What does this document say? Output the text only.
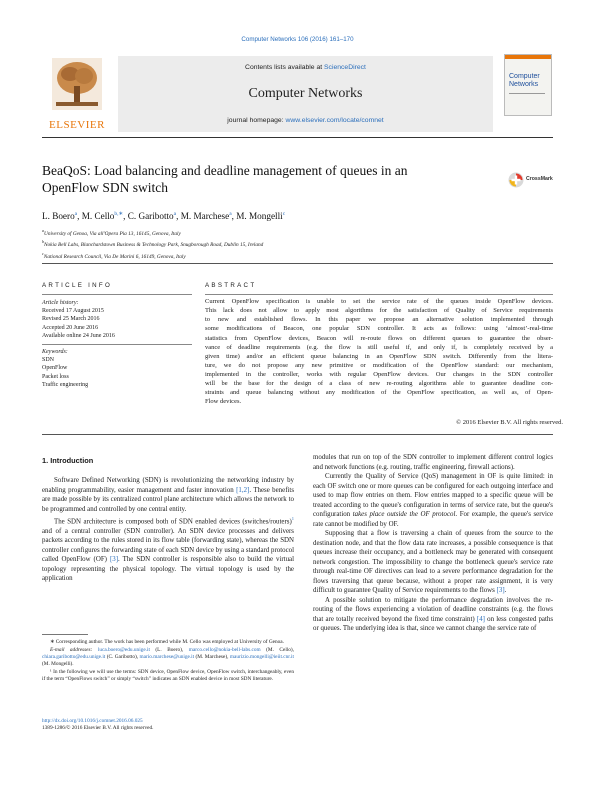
Computer Networks 106 (2016) 161–170
ELSEVIER
Contents lists available at ScienceDirect
Computer Networks
journal homepage: www.elsevier.com/locate/comnet
Computer
Networks
BeaQoS: Load balancing and deadline management of queues in an
OpenFlow SDN switch
CrossMark
L. Boero$^a$, M. Cello$^{b,∗}$, C. Garibotto$^a$, M. Marchese$^a$, M. Mongelli$^c$
$^a$University of Genoa, Via all'Opera Pia 13, 16145, Genova, Italy
$^b$Nokia Bell Labs, Blanchardstown Business & Technology Park, Snugborough Road, Dublin 15, Ireland
$^c$National Research Council, Via De Marini 6, 16149, Genova, Italy
ARTICLE INFO
Article history:
Received 17 August 2015
Revised 25 March 2016
Accepted 20 June 2016
Available online 24 June 2016
Keywords:
SDN
OpenFlow
Packet loss
Traffic engineering
ABSTRACT
Current OpenFlow specification is unable to set the service rate of the queues inside OpenFlow devices.
This lack does not allow to apply most algorithms for the satisfaction of Quality of Service requirements
to new and established flows. In this paper we propose an alternative solution implemented through
some modifications of Beacon, one popular SDN controller. It acts as follows: using ‘almost’-real-time
statistics from OpenFlow devices, Beacon will re-route flows on different queues to guarantee the obser-
vance of deadline requirements (e.g. the flow is still useful if, and only if, is completely received by a
given time) and/or an efficient queue balancing in an OpenFlow SDN switch. Differently from the litera-
ture, we do not propose any new primitive or modification of the OpenFlow standard: our mechanism,
implemented in the controller, works with regular OpenFlow devices. Our changes in the SDN controller
will be the base for the design of a class of new re-routing algorithms able to guarantee deadline con-
straints and queue balancing without any modification of the OpenFlow specification, as well as, of Open-
Flow devices.
© 2016 Elsevier B.V. All rights reserved.
1. Introduction

Software Defined Networking (SDN) is revolutionizing the networking industry by enabling programmability, easier management and faster innovation [1,2]. These benefits are made possible by its centralized control plane architecture which allows the network to be programmed and controlled by one central entity.

The SDN architecture is composed both of SDN enabled devices (switches/routers)$^1$ and of a central controller (SDN controller). An SDN device processes and delivers packets according to the rules stored in its flow table (forwarding state), whereas the SDN controller configures the forwarding state of each SDN device by using a standard protocol called OpenFlow (OF) [3]. The SDN controller is responsible also to build the virtual topology representing the physical topology. The virtual topology is used by the application

∗ Corresponding author. The work has been performed while M. Cello was employed at University of Genoa.
E-mail addresses: luca.boero@edu.unige.it (L. Boero), marco.cello@nokia-bell-labs.com (M. Cello), chiara.garibotto@edu.unige.it (C. Garibotto), mario.marchese@unige.it (M. Marchese), maurizio.mongelli@ieiit.cnr.it (M. Mongelli).
¹ In the following we will use the terms: SDN device, OpenFlow device, OpenFlow switch, interchangeably, even if the term “OpenFlows switch” or simply “switch” indicates an SDN enabled device in most SDN literature.
http://dx.doi.org/10.1016/j.comnet.2016.06.025
1389-1286/© 2016 Elsevier B.V. All rights reserved.

modules that run on top of the SDN controller to implement different control logics and network functions (e.g. routing, traffic engineering, firewall actions).

Currently the Quality of Service (QoS) management in OF is quite limited: in each OF switch one or more queues can be configured for each outgoing interface and used to map flow entries on them. Flow entries mapped to a specific queue will be treated according to the queue's configuration in terms of service rate, but the queue's configuration takes place outside the OF protocol. For example, the queue's service rate cannot be modified by OF.

Supposing that a flow is traversing a chain of queues from the source to the destination node, and that the flow data rate increases, a possible consequence is that queues increase their occupancy, and a bottleneck may be generated with consequent network congestion. The impossibility to change the bottleneck queue's service rate through real-time OF directives can lead to a severe performance degradation for the flows traversing that queue because, without a proper rate assignment, it is very difficult to guarantee Quality of Service requirements to the flows [3].

A possible solution to mitigate the performance degradation involves the re-routing of the flows experiencing a violation of deadline constraints (e.g. the flows that are totally received beyond the fixed time constraint) [4] on less congested paths or queues. The underlying idea is that, since we cannot change the service rate of
